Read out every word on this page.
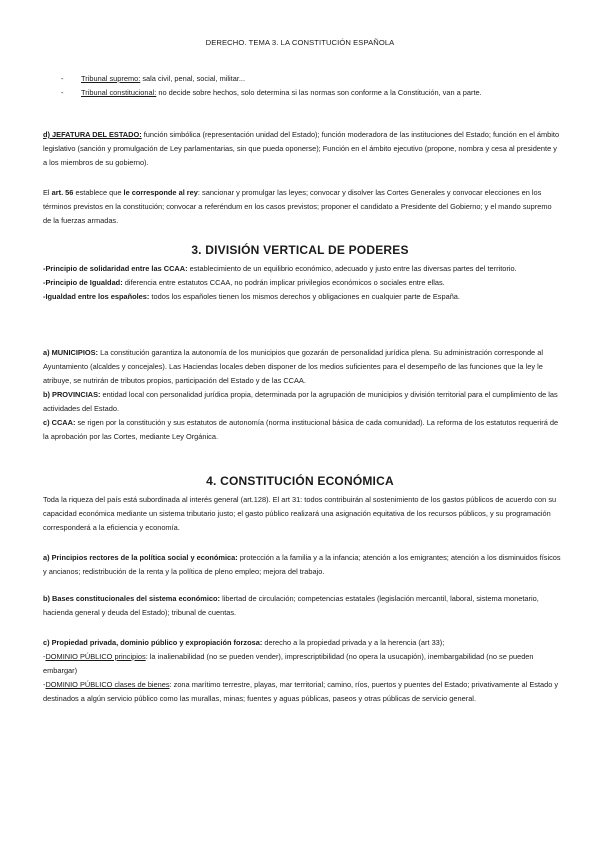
DERECHO. TEMA 3. LA CONSTITUCIÓN ESPAÑOLA

- Tribunal supremo: sala civil, penal, social, militar...

- Tribunal constitucional: no decide sobre hechos, solo determina si las normas son conforme a la Constitución, van a parte.

d) JEFATURA DEL ESTADO: función simbólica (representación unidad del Estado); función moderadora de las instituciones del Estado; función en el ámbito legislativo (sanción y promulgación de Ley parlamentarias, sin que pueda oponerse); Función en el ámbito ejecutivo (propone, nombra y cesa al presidente y a los miembros de su gobierno).

El art. 56 establece que le corresponde al rey: sancionar y promulgar las leyes; convocar y disolver las Cortes Generales y convocar elecciones en los términos previstos en la constitución; convocar a referéndum en los casos previstos; proponer el candidato a Presidente del Gobierno; y el mando supremo de la fuerzas armadas.

3. DIVISIÓN VERTICAL DE PODERES

-Principio de solidaridad entre las CCAA: establecimiento de un equilibrio económico, adecuado y justo entre las diversas partes del territorio.

-Principio de Igualdad: diferencia entre estatutos CCAA, no podrán implicar privilegios económicos o sociales entre ellas.

-Igualdad entre los españoles: todos los españoles tienen los mismos derechos y obligaciones en cualquier parte de España.

a) MUNICIPIOS: La constitución garantiza la autonomía de los municipios que gozarán de personalidad jurídica plena. Su administración corresponde al Ayuntamiento (alcaldes y concejales). Las Haciendas locales deben disponer de los medios suficientes para el desempeño de las funciones que la ley le atribuye, se nutrirán de tributos propios, participación del Estado y de las CCAA.

b) PROVINCIAS: entidad local con personalidad jurídica propia, determinada por la agrupación de municipios y división territorial para el cumplimiento de las actividades del Estado.

c) CCAA: se rigen por la constitución y sus estatutos de autonomía (norma institucional básica de cada comunidad). La reforma de los estatutos requerirá de la aprobación por las Cortes, mediante Ley Orgánica.

4. CONSTITUCIÓN ECONÓMICA

Toda la riqueza del país está subordinada al interés general (art.128). El art 31: todos contribuirán al sostenimiento de los gastos públicos de acuerdo con su capacidad económica mediante un sistema tributario justo; el gasto público realizará una asignación equitativa de los recursos públicos, y su programación corresponderá a la eficiencia y economía.

a) Principios rectores de la política social y económica: protección a la familia y a la infancia; atención a los emigrantes; atención a los disminuidos físicos y ancianos; redistribución de la renta y la política de pleno empleo; mejora del trabajo.

b) Bases constitucionales del sistema económico: libertad de circulación; competencias estatales (legislación mercantil, laboral, sistema monetario, hacienda general y deuda del Estado); tribunal de cuentas.

c) Propiedad privada, dominio público y expropiación forzosa: derecho a la propiedad privada y a la herencia (art 33);

-DOMINIO PÚBLICO principios: la inalienabilidad (no se pueden vender), imprescriptibilidad (no opera la usucapión), inembargabilidad (no se pueden embargar)

-DOMINIO PÚBLICO clases de bienes: zona marítimo terrestre, playas, mar territorial; camino, ríos, puertos y puentes del Estado; privativamente al Estado y destinados a algún servicio público como las murallas, minas; fuentes y aguas públicas, paseos y otras públicas de servicio general.
